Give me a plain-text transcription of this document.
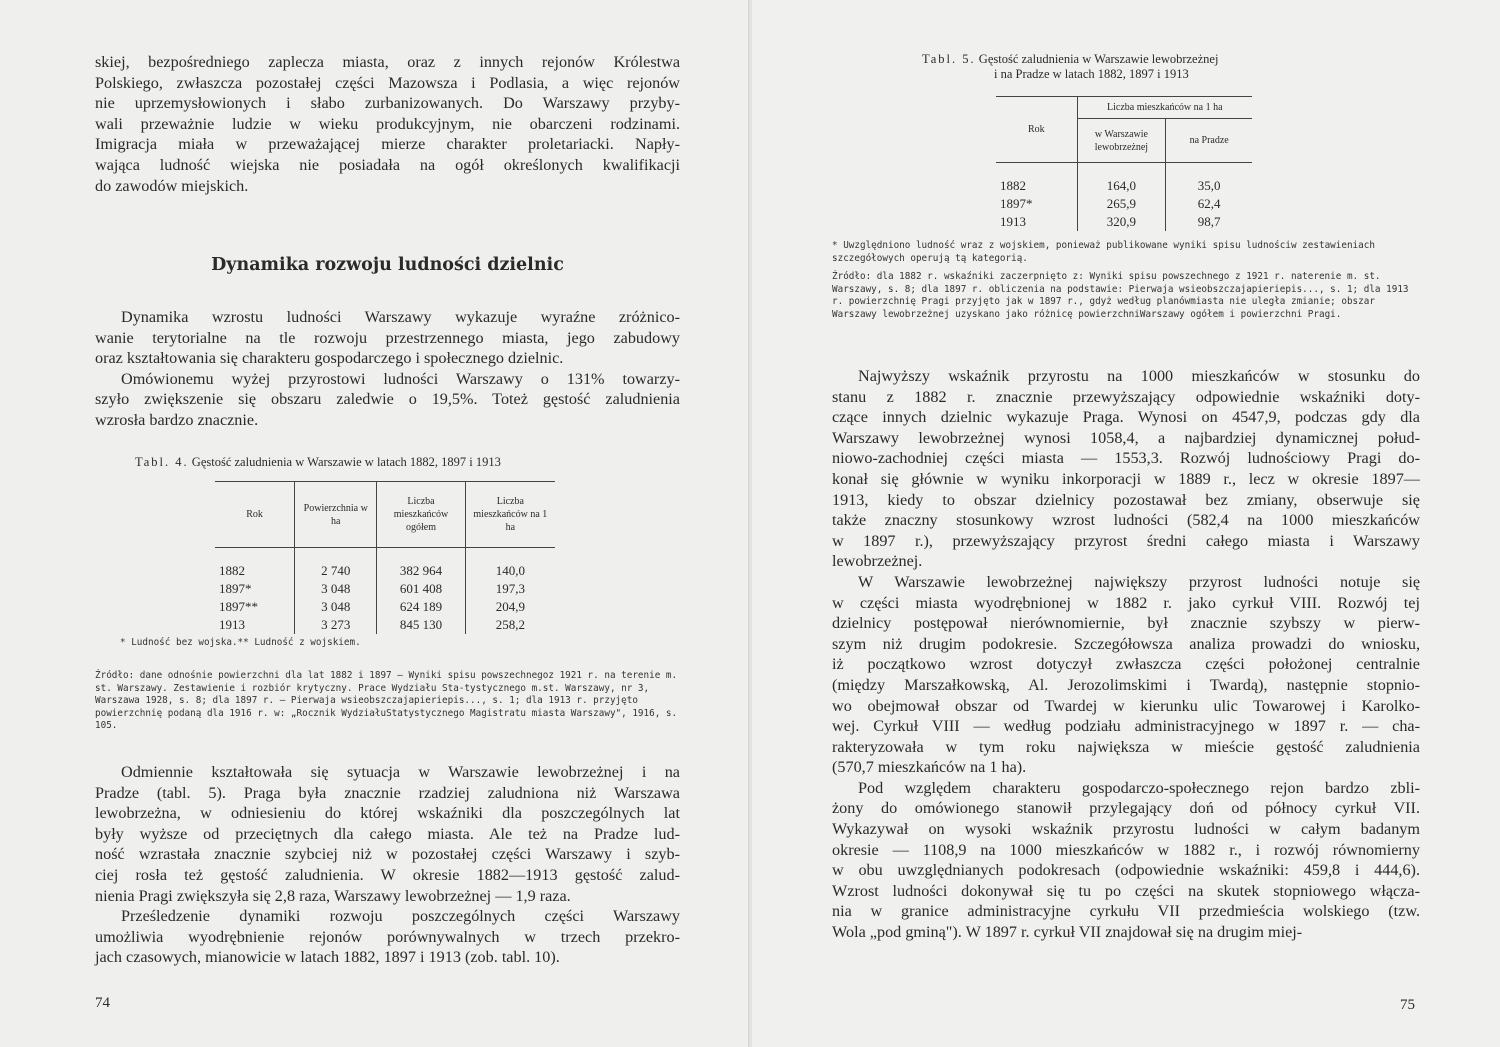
skiej, bezpośredniego zaplecza miasta, oraz z innych rejonów Królestwa
Polskiego, zwłaszcza pozostałej części Mazowsza i Podlasia, a więc rejonów
nie uprzemysłowionych i słabo zurbanizowanych. Do Warszawy przyby-
wali przeważnie ludzie w wieku produkcyjnym, nie obarczeni rodzinami.
Imigracja miała w przeważającej mierze charakter proletariacki. Napły-
wająca ludność wiejska nie posiadała na ogół określonych kwalifikacji
do zawodów miejskich.

Dynamika rozwoju ludności dzielnic

Dynamika wzrostu ludności Warszawy wykazuje wyraźne zróżnico-
wanie terytorialne na tle rozwoju przestrzennego miasta, jego zabudowy
oraz kształtowania się charakteru gospodarczego i społecznego dzielnic.

Omówionemu wyżej przyrostowi ludności Warszawy o 131% towarzy-
szyło zwiększenie się obszaru zaledwie o 19,5%. Toteż gęstość zaludnienia
wzrosła bardzo znacznie.

Tabl. 4. Gęstość zaludnienia w Warszawie w latach 1882, 1897 i 1913

Rok	Powierzchnia w ha	Liczba mieszkańców ogółem	Liczba mieszkańców na 1 ha

1882	2 740	382 964	140,0
1897*	3 048	601 408	197,3
1897**	3 048	624 189	204,9
1913	3 273	845 130	258,2

* Ludność bez wojska.** Ludność z wojskiem.

Źródło: dane odnośnie powierzchni dla lat 1882 i 1897 — Wyniki spisu powszechnegoz 1921 r. na terenie m. st. Warszawy. Zestawienie i rozbiór krytyczny. Prace Wydziału Sta-tystycznego m.st. Warszawy, nr 3, Warszawa 1928, s. 8; dla 1897 r. — Pierwaja wsieobszczajapieriepis..., s. 1; dla 1913 r. przyjęto powierzchnię podaną dla 1916 r. w: „Rocznik WydziałuStatystycznego Magistratu miasta Warszawy", 1916, s. 105.

Odmiennie kształtowała się sytuacja w Warszawie lewobrzeżnej i na
Pradze (tabl. 5). Praga była znacznie rzadziej zaludniona niż Warszawa
lewobrzeżna, w odniesieniu do której wskaźniki dla poszczególnych lat
były wyższe od przeciętnych dla całego miasta. Ale też na Pradze lud-
ność wzrastała znacznie szybciej niż w pozostałej części Warszawy i szyb-
ciej rosła też gęstość zaludnienia. W okresie 1882—1913 gęstość zalud-
nienia Pragi zwiększyła się 2,8 raza, Warszawy lewobrzeżnej — 1,9 raza.

Prześledzenie dynamiki rozwoju poszczególnych części Warszawy
umożliwia wyodrębnienie rejonów porównywalnych w trzech przekro-
jach czasowych, mianowicie w latach 1882, 1897 i 1913 (zob. tabl. 10).

74

Tabl. 5. Gęstość zaludnienia w Warszawie lewobrzeżnej

i na Pradze w latach 1882, 1897 i 1913

Rok	Liczba mieszkańców na 1 ha	
	w Warszawie lewobrzeżnej	na Pradze

1882	164,0	35,0
1897*	265,9	62,4
1913	320,9	98,7

* Uwzględniono ludność wraz z wojskiem, ponieważ publikowane wyniki spisu ludnościw zestawieniach szczegółowych operują tą kategorią.

Źródło: dla 1882 r. wskaźniki zaczerpnięto z: Wyniki spisu powszechnego z 1921 r. naterenie m. st. Warszawy, s. 8; dla 1897 r. obliczenia na podstawie: Pierwaja wsieobszczajapieriepis..., s. 1; dla 1913 r. powierzchnię Pragi przyjęto jak w 1897 r., gdyż według planówmiasta nie uległa zmianie; obszar Warszawy lewobrzeżnej uzyskano jako różnicę powierzchniWarszawy ogółem i powierzchni Pragi.

Najwyższy wskaźnik przyrostu na 1000 mieszkańców w stosunku do
stanu z 1882 r. znacznie przewyższający odpowiednie wskaźniki doty-
czące innych dzielnic wykazuje Praga. Wynosi on 4547,9, podczas gdy dla
Warszawy lewobrzeżnej wynosi 1058,4, a najbardziej dynamicznej połud-
niowo-zachodniej części miasta — 1553,3. Rozwój ludnościowy Pragi do-
konał się głównie w wyniku inkorporacji w 1889 r., lecz w okresie 1897—
1913, kiedy to obszar dzielnicy pozostawał bez zmiany, obserwuje się
także znaczny stosunkowy wzrost ludności (582,4 na 1000 mieszkańców
w 1897 r.), przewyższający przyrost średni całego miasta i Warszawy
lewobrzeżnej.

W Warszawie lewobrzeżnej największy przyrost ludności notuje się
w części miasta wyodrębnionej w 1882 r. jako cyrkuł VIII. Rozwój tej
dzielnicy postępował nierównomiernie, był znacznie szybszy w pierw-
szym niż drugim podokresie. Szczegółowsza analiza prowadzi do wniosku,
iż początkowo wzrost dotyczył zwłaszcza części położonej centralnie
(między Marszałkowską, Al. Jerozolimskimi i Twardą), następnie stopnio-
wo obejmował obszar od Twardej w kierunku ulic Towarowej i Karolko-
wej. Cyrkuł VIII — według podziału administracyjnego w 1897 r. — cha-
rakteryzowała w tym roku największa w mieście gęstość zaludnienia
(570,7 mieszkańców na 1 ha).

Pod względem charakteru gospodarczo-społecznego rejon bardzo zbli-
żony do omówionego stanowił przylegający doń od północy cyrkuł VII.
Wykazywał on wysoki wskaźnik przyrostu ludności w całym badanym
okresie — 1108,9 na 1000 mieszkańców w 1882 r., i rozwój równomierny
w obu uwzględnianych podokresach (odpowiednie wskaźniki: 459,8 i 444,6).
Wzrost ludności dokonywał się tu po części na skutek stopniowego włącza-
nia w granice administracyjne cyrkułu VII przedmieścia wolskiego (tzw.
Wola „pod gminą"). W 1897 r. cyrkuł VII znajdował się na drugim miej-

75
